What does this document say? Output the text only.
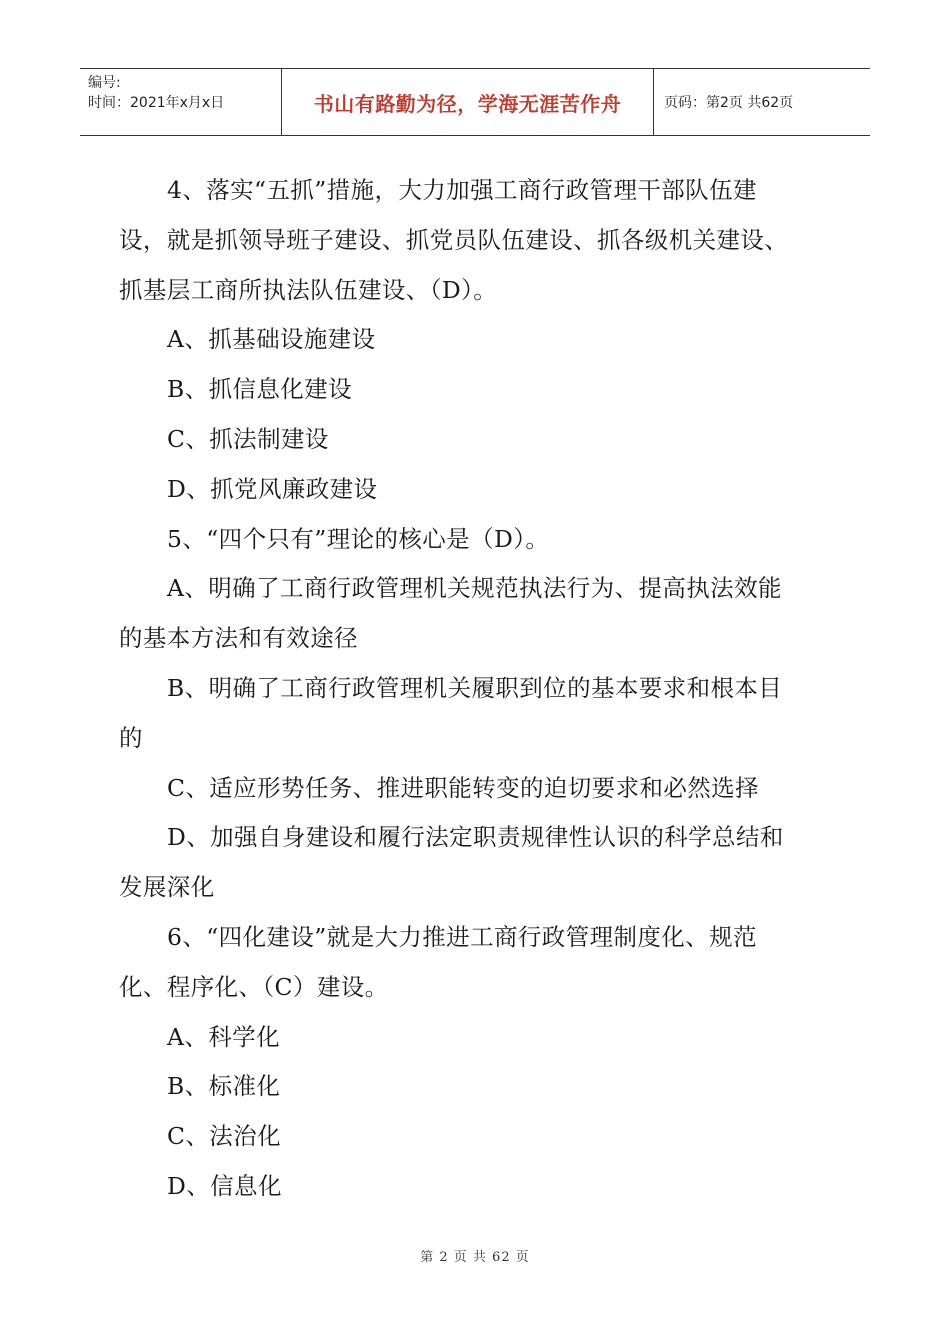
编号:
时间：2021年x月x日	书山有路勤为径，学海无涯苦作舟	页码：第2页 共62页
4、落实“五抓”措施，大力加强工商行政管理干部队伍建
设，就是抓领导班子建设、抓党员队伍建设、抓各级机关建设、
抓基层工商所执法队伍建设、（D）。
A、抓基础设施建设
B、抓信息化建设
C、抓法制建设
D、抓党风廉政建设
5、“四个只有”理论的核心是（D）。
A、明确了工商行政管理机关规范执法行为、提高执法效能
的基本方法和有效途径
B、明确了工商行政管理机关履职到位的基本要求和根本目
的
C、适应形势任务、推进职能转变的迫切要求和必然选择
D、加强自身建设和履行法定职责规律性认识的科学总结和
发展深化
6、“四化建设”就是大力推进工商行政管理制度化、规范
化、程序化、（C）建设。
A、科学化
B、标准化
C、法治化
D、信息化
第 2 页 共 62 页
